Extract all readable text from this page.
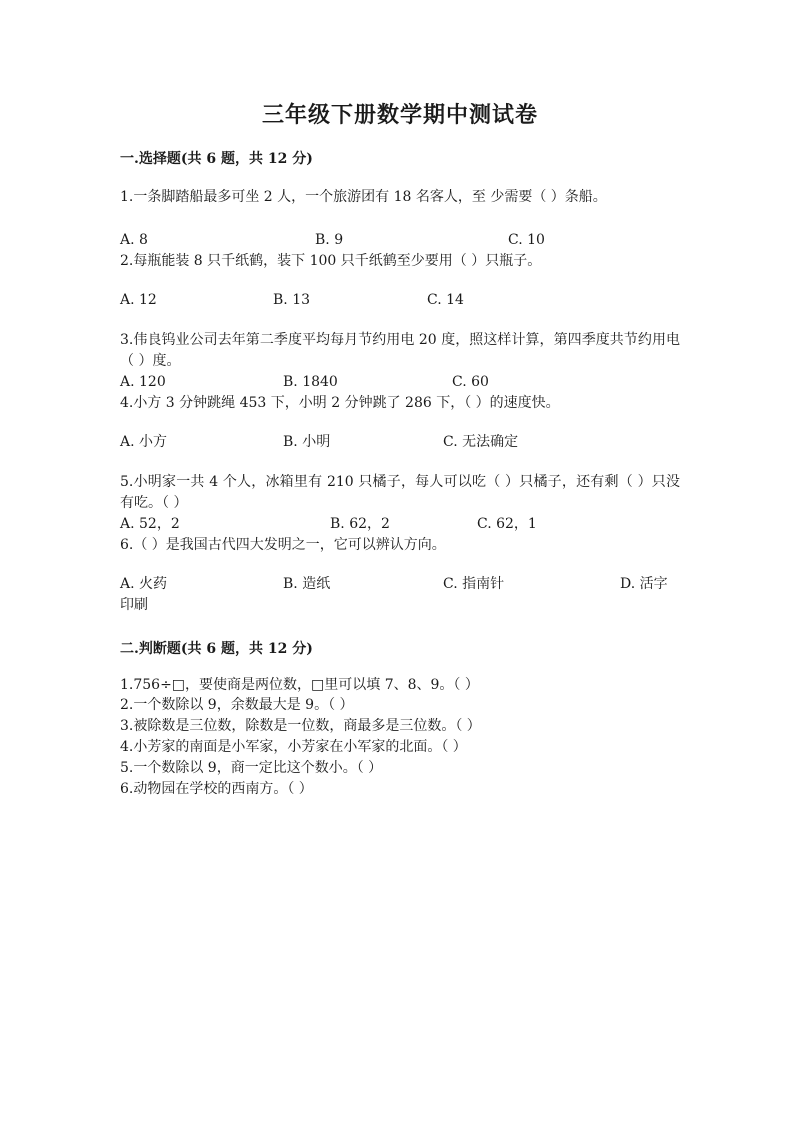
三年级下册数学期中测试卷
一.选择题(共 6 题，共 12 分)
1.一条脚踏船最多可坐 2 人，一个旅游团有 18 名客人，至 少需要（ ）条船。
A. 8	B. 9	C. 10
2.每瓶能装 8 只千纸鹤，装下 100 只千纸鹤至少要用（ ）只瓶子。
A. 12	B. 13	C. 14
3.伟良钨业公司去年第二季度平均每月节约用电 20 度，照这样计算，第四季度共节约用电（ ）度。
A. 120	B. 1840	C. 60
4.小方 3 分钟跳绳 453 下，小明 2 分钟跳了 286 下，（ ）的速度快。
A. 小方	B. 小明	C. 无法确定
5.小明家一共 4 个人，冰箱里有 210 只橘子，每人可以吃（ ）只橘子，还有剩（ ）只没有吃。（ ）
A. 52，2	B. 62，2	C. 62，1
6.（ ）是我国古代四大发明之一，它可以辨认方向。
A. 火药	B. 造纸	C. 指南针	D. 活字印刷
二.判断题(共 6 题，共 12 分)
1.756÷□，要使商是两位数，□里可以填 7、8、9。（ ）
2.一个数除以 9，余数最大是 9。（ ）
3.被除数是三位数，除数是一位数，商最多是三位数。（ ）
4.小芳家的南面是小军家，小芳家在小军家的北面。（ ）
5.一个数除以 9，商一定比这个数小。（ ）
6.动物园在学校的西南方。（ ）
